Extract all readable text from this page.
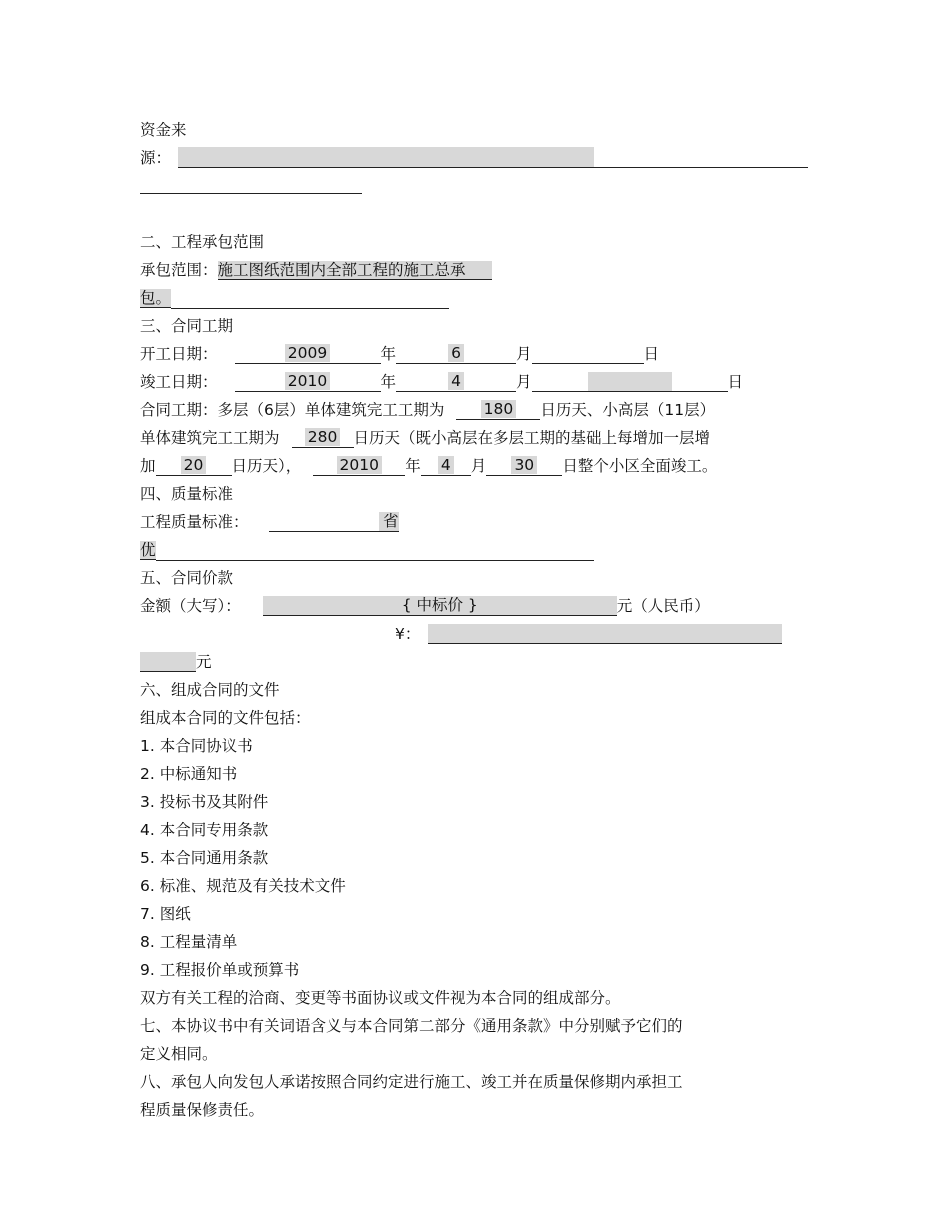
资金来
源：
二、工程承包范围
承包范围：施工图纸范围内全部工程的施工总承
包。
三、合同工期
开工日期：	2009	年	6	月	日
竣工日期：	2010	年	4	月	日
合同工期：多层（6层）单体建筑完工工期为	180 日历天、小高层（11层）
单体建筑完工工期为 280 日历天（既小高层在多层工期的基础上每增加一层增
加 20 日历天）， 2010 年 4 月 30 日整个小区全面竣工。
四、质量标准
工程质量标准：	省
优
五、合同价款
金额（大写）：	{ 中标价 }	元（人民币）
¥：
元
六、组成合同的文件
组成本合同的文件包括：
1. 本合同协议书
2. 中标通知书
3. 投标书及其附件
4. 本合同专用条款
5. 本合同通用条款
6. 标准、规范及有关技术文件
7. 图纸
8. 工程量清单
9. 工程报价单或预算书
双方有关工程的洽商、变更等书面协议或文件视为本合同的组成部分。
七、本协议书中有关词语含义与本合同第二部分《通用条款》中分别赋予它们的
定义相同。
八、承包人向发包人承诺按照合同约定进行施工、竣工并在质量保修期内承担工
程质量保修责任。
